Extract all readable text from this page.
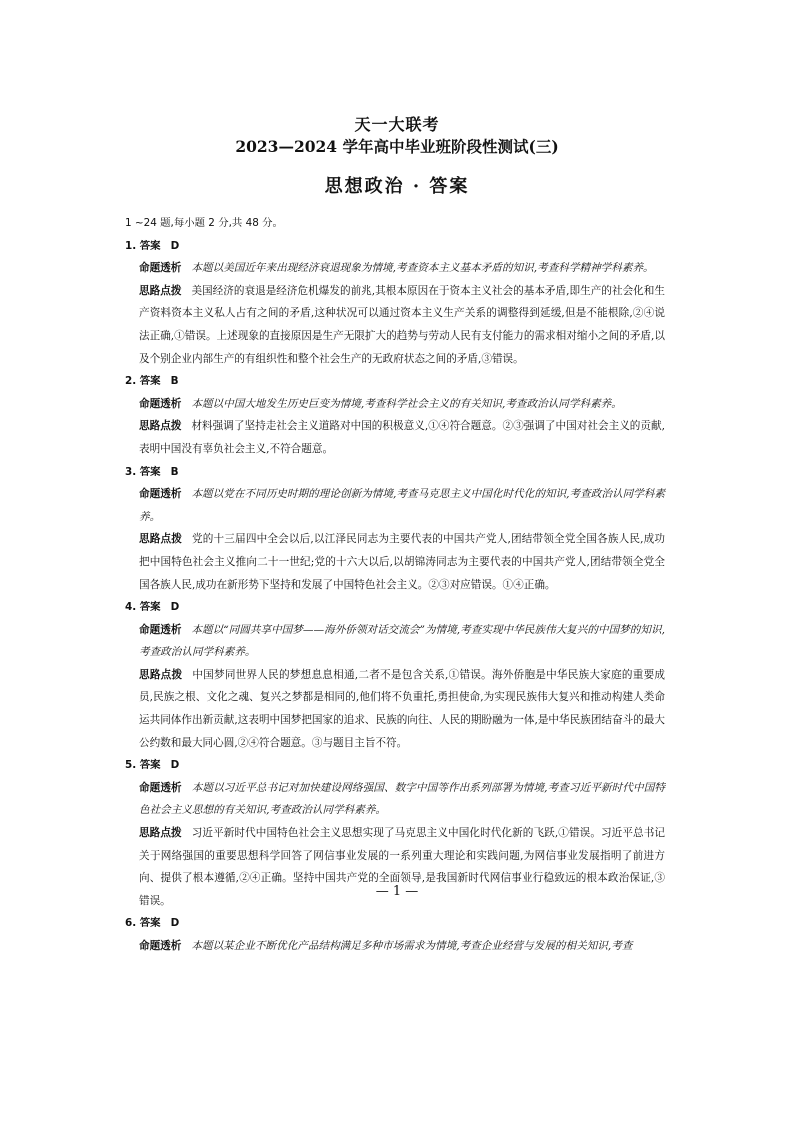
天一大联考
2023—2024 学年高中毕业班阶段性测试(三)
思想政治 · 答案
1 ~24 题,每小题 2 分,共 48 分。
1. 答案 D
命题透析 本题以美国近年来出现经济衰退现象为情境,考查资本主义基本矛盾的知识,考查科学精神学科素养。
思路点拨 美国经济的衰退是经济危机爆发的前兆,其根本原因在于资本主义社会的基本矛盾,即生产的社会化和生产资料资本主义私人占有之间的矛盾,这种状况可以通过资本主义生产关系的调整得到延缓,但是不能根除,②④说法正确,①错误。上述现象的直接原因是生产无限扩大的趋势与劳动人民有支付能力的需求相对缩小之间的矛盾,以及个别企业内部生产的有组织性和整个社会生产的无政府状态之间的矛盾,③错误。
2. 答案 B
命题透析 本题以中国大地发生历史巨变为情境,考查科学社会主义的有关知识,考查政治认同学科素养。
思路点拨 材料强调了坚持走社会主义道路对中国的积极意义,①④符合题意。②③强调了中国对社会主义的贡献,表明中国没有辜负社会主义,不符合题意。
3. 答案 B
命题透析 本题以党在不同历史时期的理论创新为情境,考查马克思主义中国化时代化的知识,考查政治认同学科素养。
思路点拨 党的十三届四中全会以后,以江泽民同志为主要代表的中国共产党人,团结带领全党全国各族人民,成功把中国特色社会主义推向二十一世纪;党的十六大以后,以胡锦涛同志为主要代表的中国共产党人,团结带领全党全国各族人民,成功在新形势下坚持和发展了中国特色社会主义。②③对应错误。①④正确。
4. 答案 D
命题透析 本题以“同圆共享中国梦——海外侨领对话交流会”为情境,考查实现中华民族伟大复兴的中国梦的知识,考查政治认同学科素养。
思路点拨 中国梦同世界人民的梦想息息相通,二者不是包含关系,①错误。海外侨胞是中华民族大家庭的重要成员,民族之根、文化之魂、复兴之梦都是相同的,他们将不负重托,勇担使命,为实现民族伟大复兴和推动构建人类命运共同体作出新贡献,这表明中国梦把国家的追求、民族的向往、人民的期盼融为一体,是中华民族团结奋斗的最大公约数和最大同心圆,②④符合题意。③与题目主旨不符。
5. 答案 D
命题透析 本题以习近平总书记对加快建设网络强国、数字中国等作出系列部署为情境,考查习近平新时代中国特色社会主义思想的有关知识,考查政治认同学科素养。
思路点拨 习近平新时代中国特色社会主义思想实现了马克思主义中国化时代化新的飞跃,①错误。习近平总书记关于网络强国的重要思想科学回答了网信事业发展的一系列重大理论和实践问题,为网信事业发展指明了前进方向、提供了根本遵循,②④正确。坚持中国共产党的全面领导,是我国新时代网信事业行稳致远的根本政治保证,③错误。
6. 答案 D
命题透析 本题以某企业不断优化产品结构满足多种市场需求为情境,考查企业经营与发展的相关知识,考查
— 1 —
